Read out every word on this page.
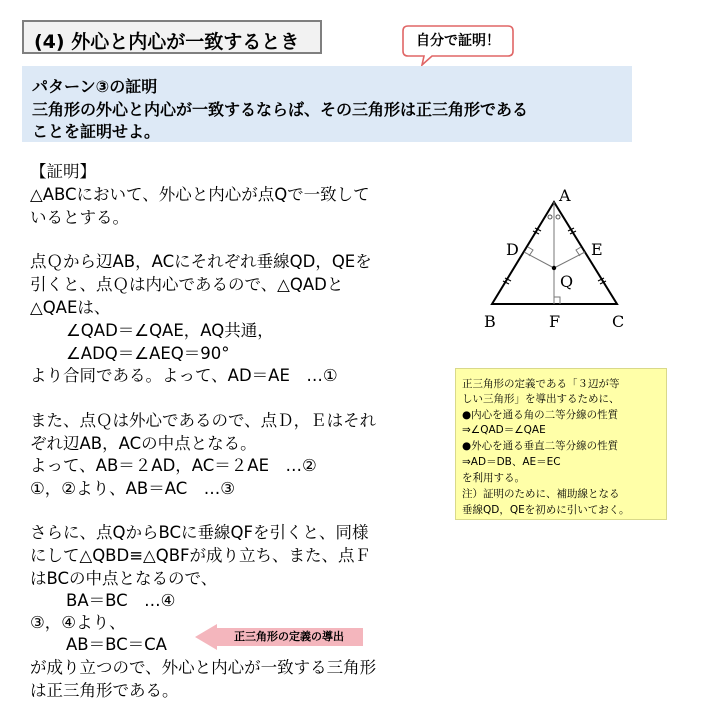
(4) 外心と内心が一致するとき	自分で証明！
パターン③の証明
三角形の外心と内心が一致するならば、その三角形は正三角形である
ことを証明せよ。
【証明】
△ABCにおいて、外心と内心が点Qで一致して
いるとする。
点Ｑから辺AB，ACにそれぞれ垂線QD，QEを
引くと、点Ｑは内心であるので、△QADと
△QAEは、
∠QAD＝∠QAE，AQ共通，
∠ADQ＝∠AEQ＝90°
より合同である。よって、AD＝AE　…①
また、点Ｑは外心であるので、点Ｄ，Ｅはそれ
ぞれ辺AB，ACの中点となる。
よって、AB＝２AD，AC＝２AE　…②
①，②より、AB＝AC　…③
さらに、点QからBCに垂線QFを引くと、同様
にして△QBD≡△QBFが成り立ち、また、点Ｆ
はBCの中点となるので、
BA＝BC　…④
③，④より、
AB＝BC＝CA
が成り立つので、外心と内心が一致する三角形
は正三角形である。
正三角形の定義の導出
A
B	C
D	E
F
Q
正三角形の定義である「３辺が等
しい三角形」を導出するために、
●内心を通る角の二等分線の性質
⇒∠QAD＝∠QAE
●外心を通る垂直二等分線の性質
⇒AD＝DB、AE＝EC
を利用する。
注）証明のために、補助線となる
垂線QD，QEを初めに引いておく。
